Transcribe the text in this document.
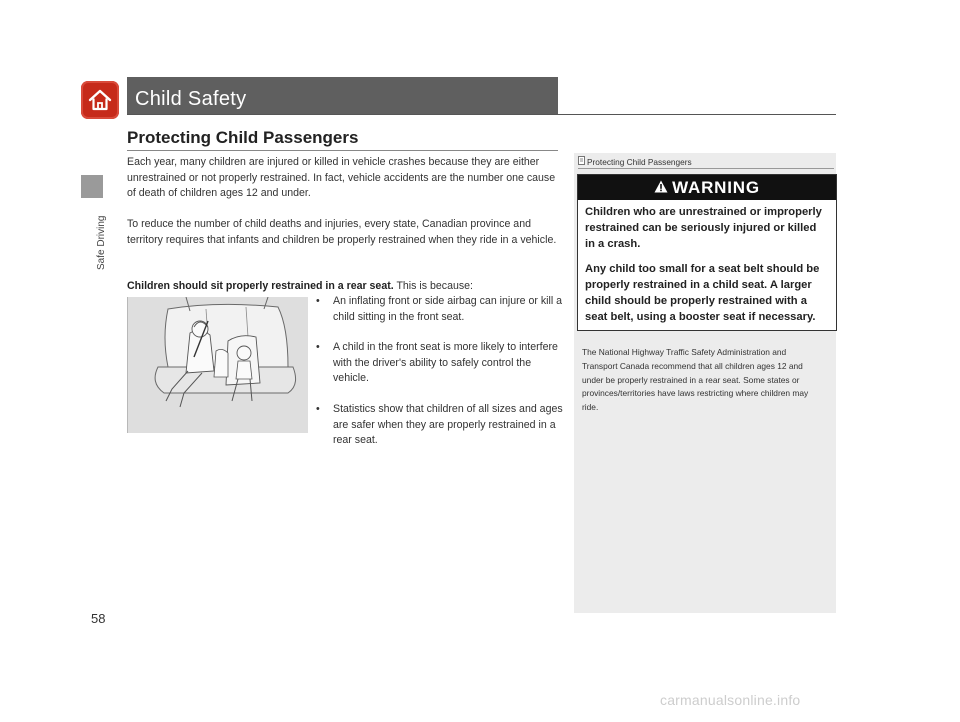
Child Safety
Safe Driving
58
Protecting Child Passengers
Each year, many children are injured or killed in vehicle crashes because they are either unrestrained or not properly restrained. In fact, vehicle accidents are the number one cause of death of children ages 12 and under.
To reduce the number of child deaths and injuries, every state, Canadian province and territory requires that infants and children be properly restrained when they ride in a vehicle.
Children should sit properly restrained in a rear seat. This is because:
• An inflating front or side airbag can injure or kill a child sitting in the front seat.
• A child in the front seat is more likely to interfere with the driver's ability to safely control the vehicle.
• Statistics show that children of all sizes and ages are safer when they are properly restrained in a rear seat.
Protecting Child Passengers
WARNING
Children who are unrestrained or improperly restrained can be seriously injured or killed in a crash.
Any child too small for a seat belt should be properly restrained in a child seat. A larger child should be properly restrained with a seat belt, using a booster seat if necessary.
The National Highway Traffic Safety Administration and Transport Canada recommend that all children ages 12 and under be properly restrained in a rear seat. Some states or provinces/territories have laws restricting where children may ride.
carmanualsonline.info
